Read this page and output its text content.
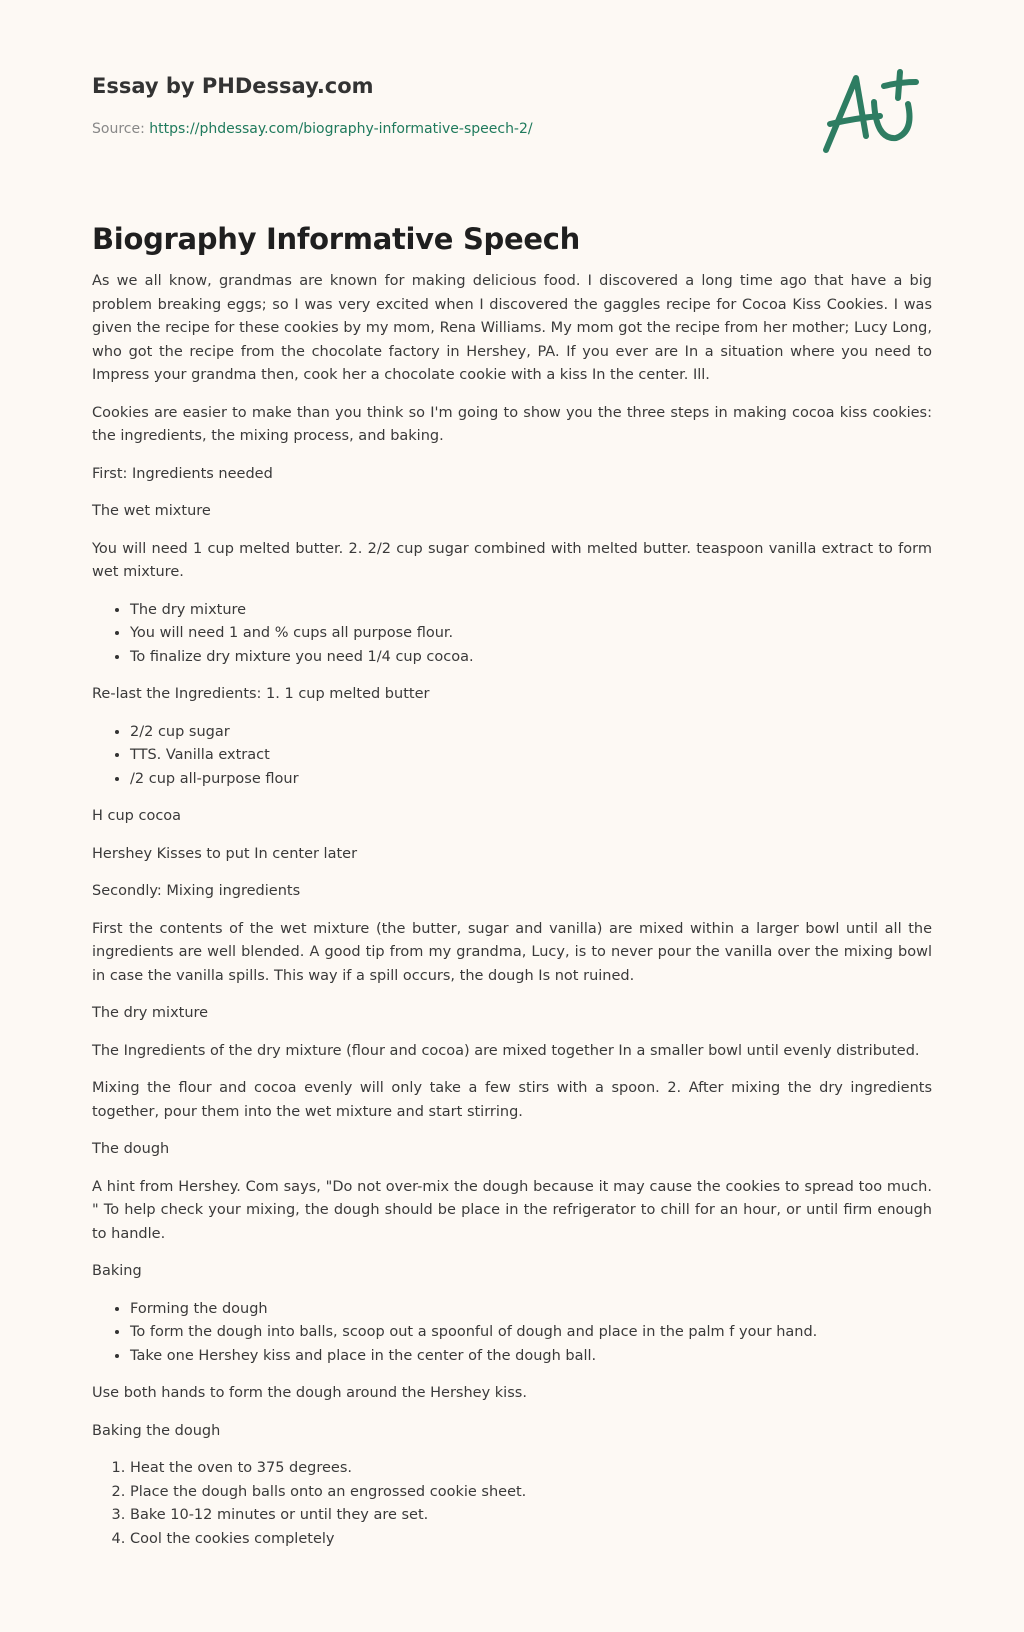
Essay by PHDessay.com
Source: https://phdessay.com/biography-informative-speech-2/
Biography Informative Speech

As we all know, grandmas are known for making delicious food. I discovered a long time ago that have a big problem breaking eggs; so I was very excited when I discovered the gaggles recipe for Cocoa Kiss Cookies. I was given the recipe for these cookies by my mom, Rena Williams. My mom got the recipe from her mother; Lucy Long, who got the recipe from the chocolate factory in Hershey, PA. If you ever are In a situation where you need to Impress your grandma then, cook her a chocolate cookie with a kiss In the center. Ill.

Cookies are easier to make than you think so I'm going to show you the three steps in making cocoa kiss cookies: the ingredients, the mixing process, and baking.

First: Ingredients needed

The wet mixture

You will need 1 cup melted butter. 2. 2/2 cup sugar combined with melted butter. teaspoon vanilla extract to form wet mixture.

• The dry mixture
• You will need 1 and % cups all purpose flour.
• To finalize dry mixture you need 1/4 cup cocoa.

Re-last the Ingredients: 1. 1 cup melted butter

• 2/2 cup sugar
• TTS. Vanilla extract
• /2 cup all-purpose flour

H cup cocoa

Hershey Kisses to put In center later

Secondly: Mixing ingredients

First the contents of the wet mixture (the butter, sugar and vanilla) are mixed within a larger bowl until all the ingredients are well blended. A good tip from my grandma, Lucy, is to never pour the vanilla over the mixing bowl in case the vanilla spills. This way if a spill occurs, the dough Is not ruined.

The dry mixture

The Ingredients of the dry mixture (flour and cocoa) are mixed together In a smaller bowl until evenly distributed.

Mixing the flour and cocoa evenly will only take a few stirs with a spoon. 2. After mixing the dry ingredients together, pour them into the wet mixture and start stirring.

The dough

A hint from Hershey. Com says, "Do not over-mix the dough because it may cause the cookies to spread too much. " To help check your mixing, the dough should be place in the refrigerator to chill for an hour, or until firm enough to handle.

Baking

• Forming the dough
• To form the dough into balls, scoop out a spoonful of dough and place in the palm f your hand.
• Take one Hershey kiss and place in the center of the dough ball.

Use both hands to form the dough around the Hershey kiss.

Baking the dough

1. Heat the oven to 375 degrees.
2. Place the dough balls onto an engrossed cookie sheet.
3. Bake 10-12 minutes or until they are set.
4. Cool the cookies completely
